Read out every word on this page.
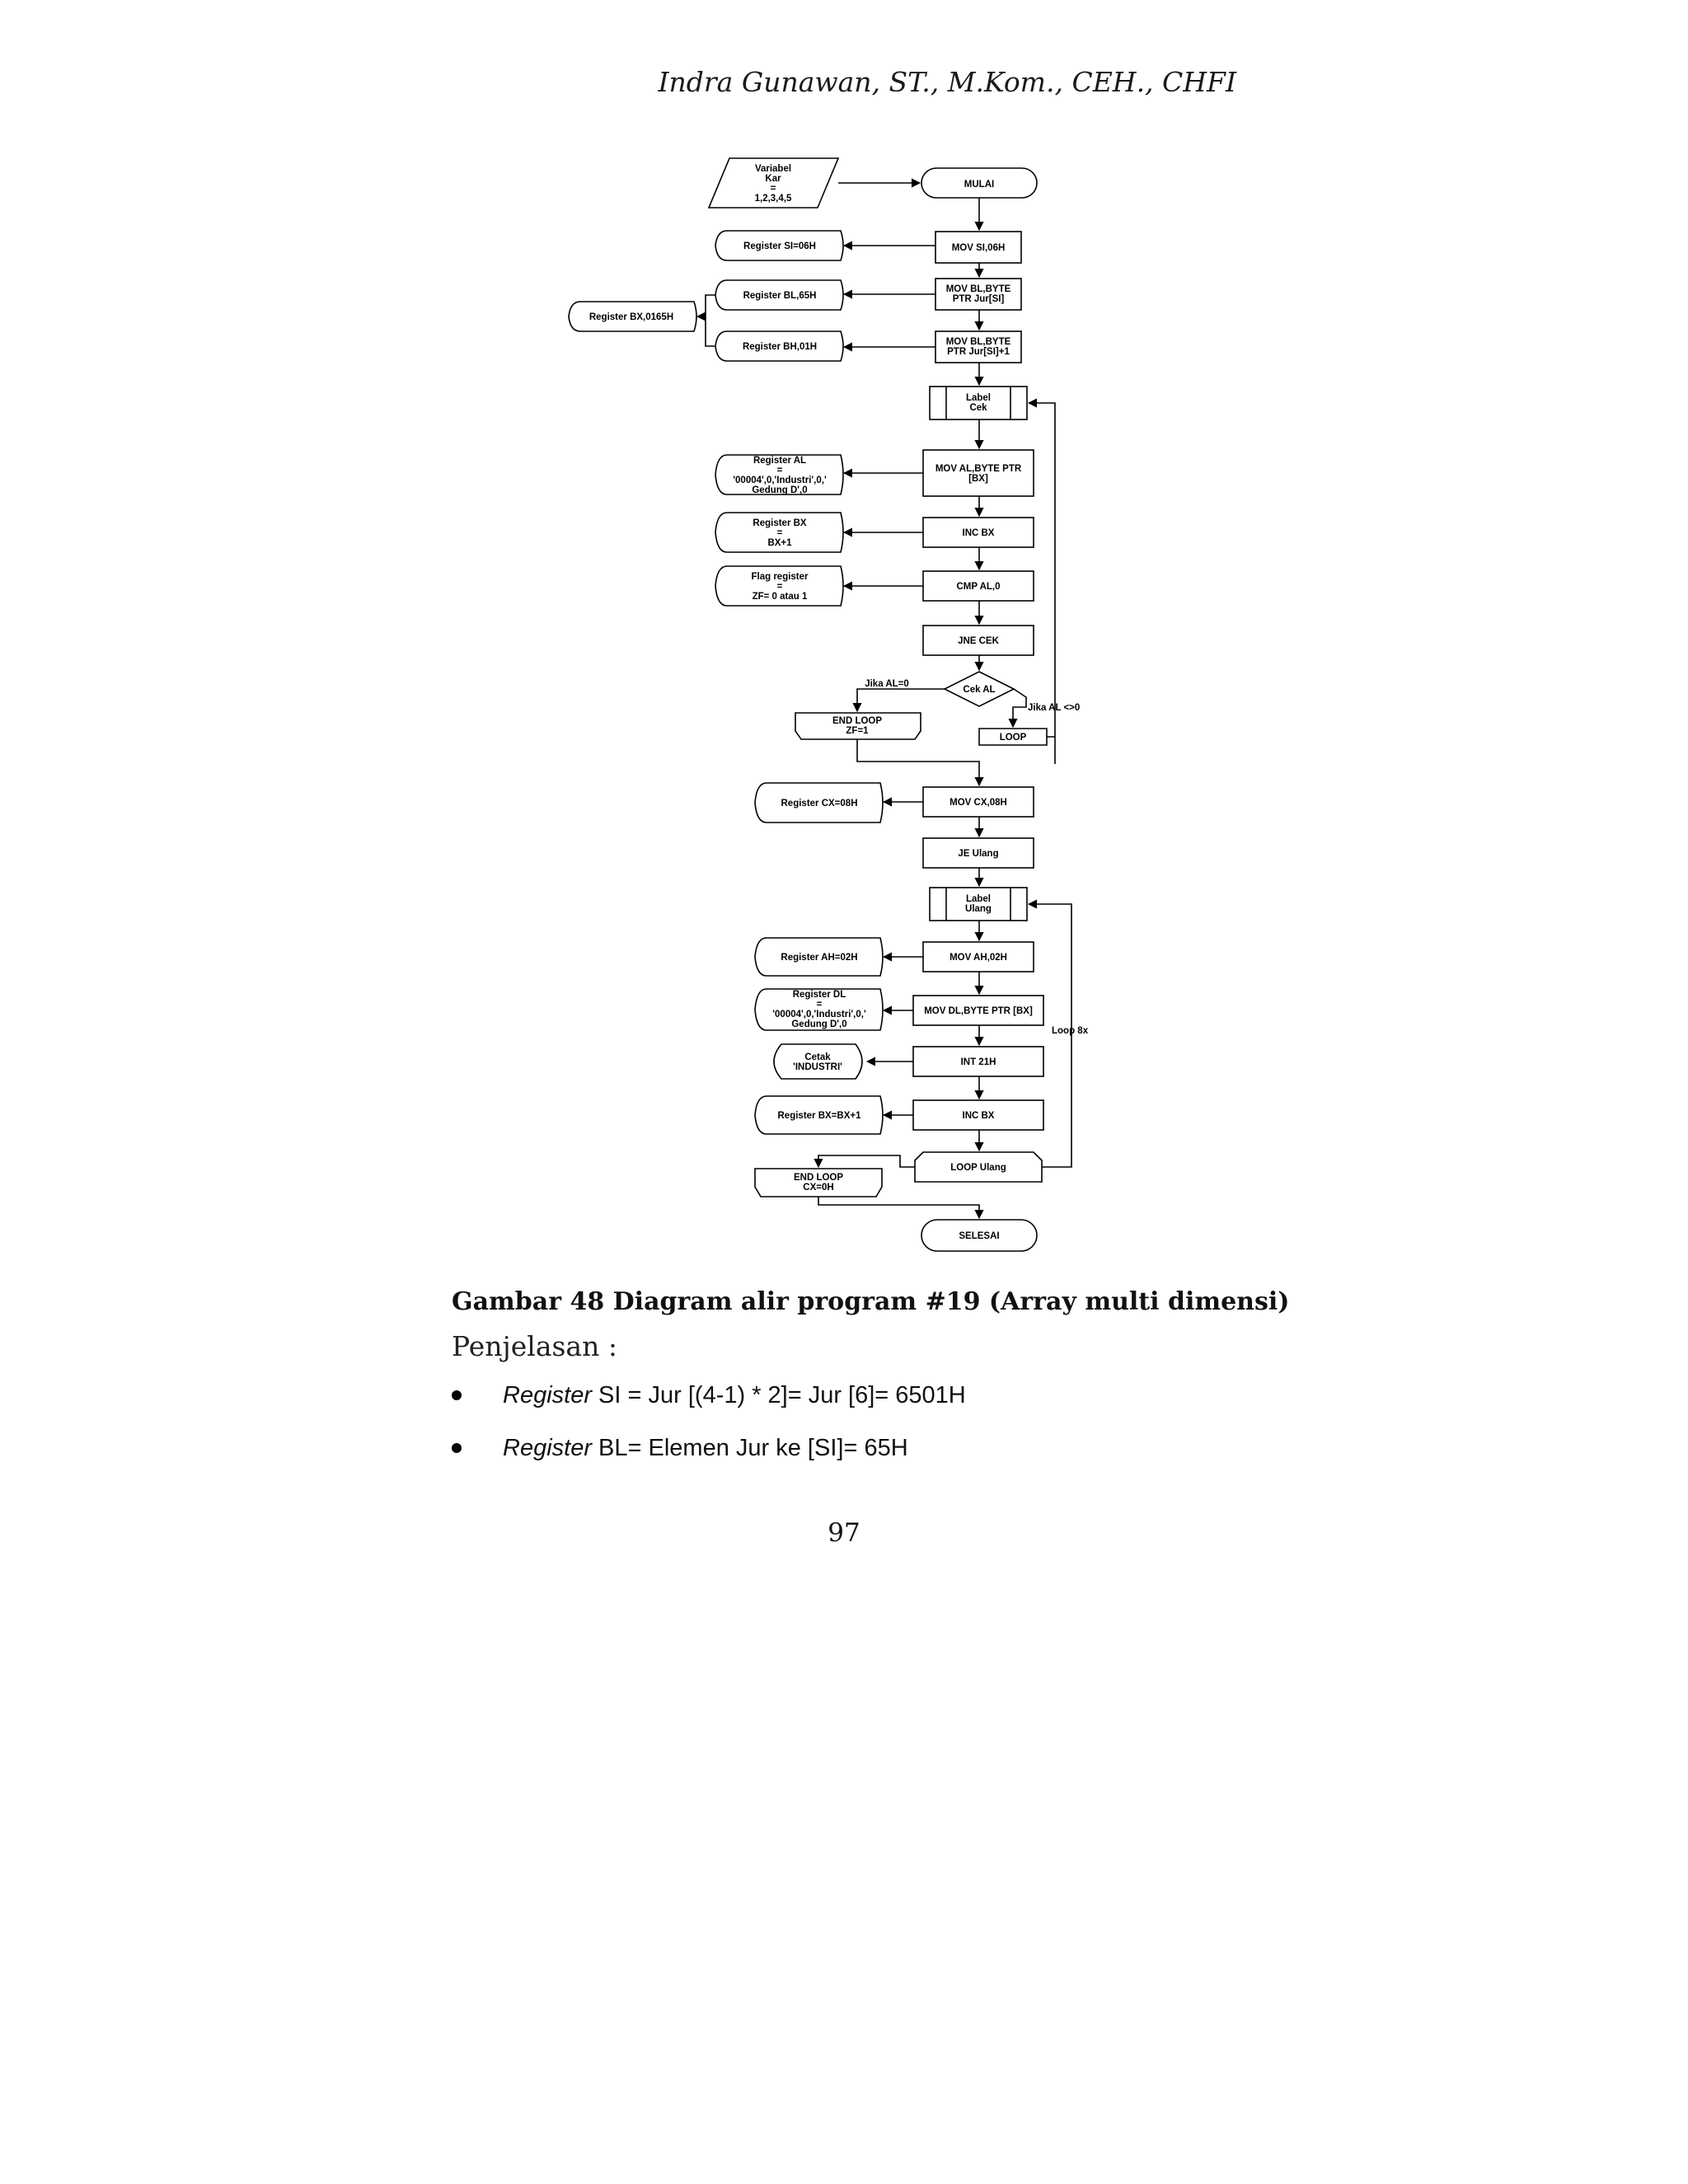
Indra Gunawan, ST., M.Kom., CEH., CHFI
Variabel
Kar
=
1,2,3,4,5
MULAI
MOV SI,06H
Register SI=06H
MOV BL,BYTE
PTR Jur[SI]
Register BL,65H
Register BX,0165H
MOV BL,BYTE
PTR Jur[SI]+1
Register BH,01H
Label
Cek
MOV AL,BYTE PTR
[BX]
Register AL
=
'00004',0,'Industri',0,'
Gedung D',0
INC BX
Register BX
=
BX+1
CMP AL,0
Flag register
=
ZF= 0 atau 1
JNE CEK
Cek AL
Jika AL=0
Jika AL <>0
END LOOP
ZF=1
LOOP
MOV CX,08H
Register CX=08H
JE Ulang
Label
Ulang
MOV AH,02H
Register AH=02H
MOV DL,BYTE PTR [BX]
Register DL
=
'00004',0,'Industri',0,'
Gedung D',0
Loop 8x
INT 21H
Cetak
'INDUSTRI'
INC BX
Register BX=BX+1
LOOP Ulang
END LOOP
CX=0H
SELESAI
Gambar 48 Diagram alir program #19 (Array multi dimensi)
Penjelasan :
Register SI = Jur [(4-1) * 2]= Jur [6]= 6501H
Register BL= Elemen Jur ke [SI]= 65H
97
